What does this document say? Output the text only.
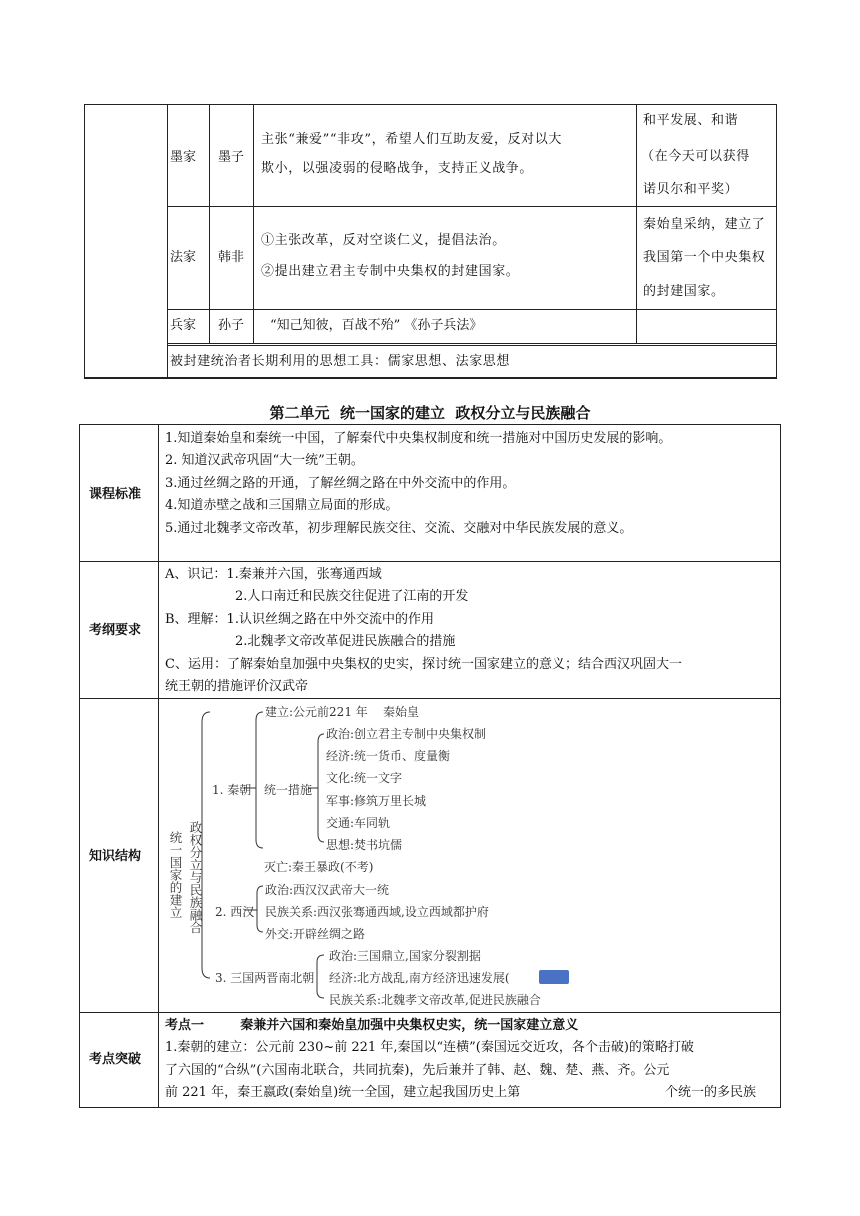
墨家 墨子
主张“兼爱”“非攻”，希望人们互助友爱，反对以大
欺小，以强凌弱的侵略战争，支持正义战争。
和平发展、和谐
（在今天可以获得
诺贝尔和平奖）
法家 韩非
①主张改革，反对空谈仁义，提倡法治。
②提出建立君主专制中央集权的封建国家。
秦始皇采纳，建立了
我国第一个中央集权
的封建国家。
兵家 孙子 “知己知彼，百战不殆” 《孙子兵法》
被封建统治者长期利用的思想工具：儒家思想、法家思想
第二单元  统一国家的建立  政权分立与民族融合
课程标准
1.知道秦始皇和秦统一中国，了解秦代中央集权制度和统一措施对中国历史发展的影响。
2. 知道汉武帝巩固“大一统”王朝。
3.通过丝绸之路的开通，了解丝绸之路在中外交流中的作用。
4.知道赤壁之战和三国鼎立局面的形成。
5.通过北魏孝文帝改革，初步理解民族交往、交流、交融对中华民族发展的意义。
考纲要求
A、识记：1.秦兼并六国，张骞通西域
2.人口南迁和民族交往促进了江南的开发
B、理解：1.认识丝绸之路在中外交流中的作用
2.北魏孝文帝改革促进民族融合的措施
C、运用：了解秦始皇加强中央集权的史实，探讨统一国家建立的意义；结合西汉巩固大一
统王朝的措施评价汉武帝
知识结构 统一国家的建立 政权分立与民族融合
1. 秦朝
建立:公元前221 年    秦始皇
统一措施
政治:创立君主专制中央集权制
经济:统一货币、度量衡
文化:统一文字
军事:修筑万里长城
交通:车同轨
思想:焚书坑儒
灭亡:秦王暴政(不考)
2. 西汉
政治:西汉汉武帝大一统
民族关系:西汉张骞通西域,设立西域都护府
外交:开辟丝绸之路
3. 三国两晋南北朝
政治:三国鼎立,国家分裂割据
经济:北方战乱,南方经济迅速发展(
民族关系:北魏孝文帝改革,促进民族融合
考点突破
考点一        秦兼并六国和秦始皇加强中央集权史实，统一国家建立意义
1.秦朝的建立：公元前 230~前 221 年,秦国以“连横”(秦国远交近攻，各个击破)的策略打破
了六国的“合纵”(六国南北联合，共同抗秦)，先后兼并了韩、赵、魏、楚、燕、齐。公元
前 221 年，秦王嬴政(秦始皇)统一全国，建立起我国历史上第	个统一的多民族
